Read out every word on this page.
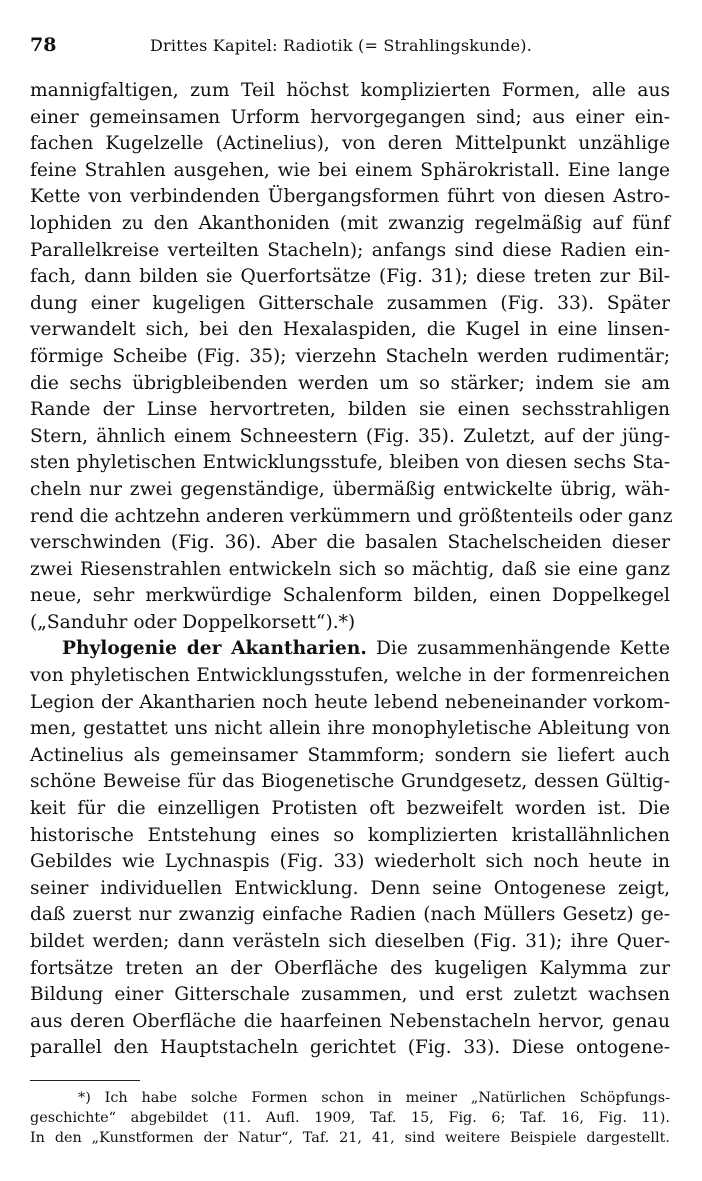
78	Drittes Kapitel: Radiotik (= Strahlingskunde).
mannigfaltigen, zum Teil höchst komplizierten Formen, alle aus
einer gemeinsamen Urform hervorgegangen sind; aus einer ein-
fachen Kugelzelle (Actinelius), von deren Mittelpunkt unzählige
feine Strahlen ausgehen, wie bei einem Sphärokristall. Eine lange
Kette von verbindenden Übergangsformen führt von diesen Astro-
lophiden zu den Akanthoniden (mit zwanzig regelmäßig auf fünf
Parallelkreise verteilten Stacheln); anfangs sind diese Radien ein-
fach, dann bilden sie Querfortsätze (Fig. 31); diese treten zur Bil-
dung einer kugeligen Gitterschale zusammen (Fig. 33). Später
verwandelt sich, bei den Hexalaspiden, die Kugel in eine linsen-
förmige Scheibe (Fig. 35); vierzehn Stacheln werden rudimentär;
die sechs übrigbleibenden werden um so stärker; indem sie am
Rande der Linse hervortreten, bilden sie einen sechsstrahligen
Stern, ähnlich einem Schneestern (Fig. 35). Zuletzt, auf der jüng-
sten phyletischen Entwicklungsstufe, bleiben von diesen sechs Sta-
cheln nur zwei gegenständige, übermäßig entwickelte übrig, wäh-
rend die achtzehn anderen verkümmern und größtenteils oder ganz
verschwinden (Fig. 36). Aber die basalen Stachelscheiden dieser
zwei Riesenstrahlen entwickeln sich so mächtig, daß sie eine ganz
neue, sehr merkwürdige Schalenform bilden, einen Doppelkegel
(„Sanduhr oder Doppelkorsett“).*)
Phylogenie der Akantharien. Die zusammenhängende Kette
von phyletischen Entwicklungsstufen, welche in der formenreichen
Legion der Akantharien noch heute lebend nebeneinander vorkom-
men, gestattet uns nicht allein ihre monophyletische Ableitung von
Actinelius als gemeinsamer Stammform; sondern sie liefert auch
schöne Beweise für das Biogenetische Grundgesetz, dessen Gültig-
keit für die einzelligen Protisten oft bezweifelt worden ist. Die
historische Entstehung eines so komplizierten kristallähnlichen
Gebildes wie Lychnaspis (Fig. 33) wiederholt sich noch heute in
seiner individuellen Entwicklung. Denn seine Ontogenese zeigt,
daß zuerst nur zwanzig einfache Radien (nach Müllers Gesetz) ge-
bildet werden; dann verästeln sich dieselben (Fig. 31); ihre Quer-
fortsätze treten an der Oberfläche des kugeligen Kalymma zur
Bildung einer Gitterschale zusammen, und erst zuletzt wachsen
aus deren Oberfläche die haarfeinen Nebenstacheln hervor, genau
parallel den Hauptstacheln gerichtet (Fig. 33). Diese ontogene-
*) Ich habe solche Formen schon in meiner „Natürlichen Schöpfungs-
geschichte“ abgebildet (11. Aufl. 1909, Taf. 15, Fig. 6; Taf. 16, Fig. 11).
In den „Kunstformen der Natur“, Taf. 21, 41, sind weitere Beispiele dargestellt.
